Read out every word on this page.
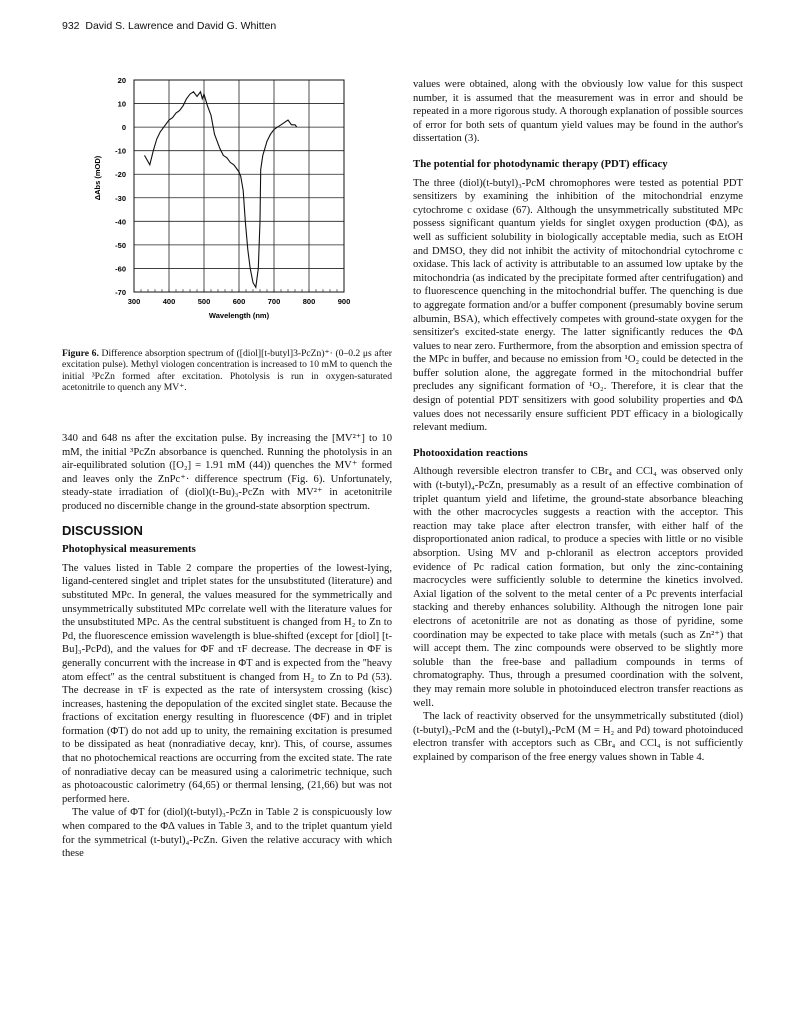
932 David S. Lawrence and David G. Whitten
20
10
0
-10
-20
-30
-40
-50
-60
-70
300	400	500	600	700	800	900
Wavelength (nm)
ΔAbs (mOD)
Figure 6. Difference absorption spectrum of ([diol][t-butyl]3-PcZn)⁺· (0–0.2 μs after excitation pulse). Methyl viologen concentration is increased to 10 mM to quench the initial ³PcZn formed after excitation. Photolysis is run in oxygen-saturated acetonitrile to quench any MV⁺.

340 and 648 ns after the excitation pulse. By increasing the [MV²⁺] to 10 mM, the initial ³PcZn absorbance is quenched. Running the photolysis in an air-equilibrated solution ([O₂] = 1.91 mM (44)) quenches the MV⁺ formed and leaves only the ZnPc⁺· difference spectrum (Fig. 6). Unfortunately, steady-state irradiation of (diol)(t-Bu)₃-PcZn with MV²⁺ in acetonitrile produced no discernible change in the ground-state absorption spectrum.

DISCUSSION
Photophysical measurements

The values listed in Table 2 compare the properties of the lowest-lying, ligand-centered singlet and triplet states for the unsubstituted (literature) and substituted MPc. In general, the values measured for the symmetrically and unsymmetrically substituted MPc correlate well with the literature values for the unsubstituted MPc. As the central substituent is changed from H₂ to Zn to Pd, the fluorescence emission wavelength is blue-shifted (except for [diol] [t-Bu]₃-PcPd), and the values for ΦF and τF decrease. The decrease in ΦF is generally concurrent with the increase in ΦT and is expected from the ''heavy atom effect'' as the central substituent is changed from H₂ to Zn to Pd (53). The decrease in τF is expected as the rate of intersystem crossing (kisc) increases, hastening the depopulation of the excited singlet state. Because the fractions of excitation energy resulting in fluorescence (ΦF) and in triplet formation (ΦT) do not add up to unity, the remaining excitation is presumed to be dissipated as heat (nonradiative decay, knr). This, of course, assumes that no photochemical reactions are occurring from the excited state. The rate of nonradiative decay can be measured using a calorimetric technique, such as photoacoustic calorimetry (64,65) or thermal lensing, (21,66) but was not performed here.

The value of ΦT for (diol)(t-butyl)₃-PcZn in Table 2 is conspicuously low when compared to the ΦΔ values in Table 3, and to the triplet quantum yield for the symmetrical (t-butyl)₄-PcZn. Given the relative accuracy with which these

values were obtained, along with the obviously low value for this suspect number, it is assumed that the measurement was in error and should be repeated in a more rigorous study. A thorough explanation of possible sources of error for both sets of quantum yield values may be found in the author's dissertation (3).

The potential for photodynamic therapy (PDT) efficacy

The three (diol)(t-butyl)₃-PcM chromophores were tested as potential PDT sensitizers by examining the inhibition of the mitochondrial enzyme cytochrome c oxidase (67). Although the unsymmetrically substituted MPc possess significant quantum yields for singlet oxygen production (ΦΔ), as well as sufficient solubility in biologically acceptable media, such as EtOH and DMSO, they did not inhibit the activity of mitochondrial cytochrome c oxidase. This lack of activity is attributable to an assumed low uptake by the mitochondria (as indicated by the precipitate formed after centrifugation) and to fluorescence quenching in the mitochondrial buffer. The quenching is due to aggregate formation and/or a buffer component (presumably bovine serum albumin, BSA), which effectively competes with ground-state oxygen for the sensitizer's excited-state energy. The latter significantly reduces the ΦΔ values to near zero. Furthermore, from the absorption and emission spectra of the MPc in buffer, and because no emission from ¹O₂ could be detected in the buffer solution alone, the aggregate formed in the mitochondrial buffer precludes any significant formation of ¹O₂. Therefore, it is clear that the design of potential PDT sensitizers with good solubility properties and ΦΔ values does not necessarily ensure sufficient PDT efficacy in a biologically relevant medium.

Photooxidation reactions

Although reversible electron transfer to CBr₄ and CCl₄ was observed only with (t-butyl)₄-PcZn, presumably as a result of an effective combination of triplet quantum yield and lifetime, the ground-state absorbance bleaching with the other macrocycles suggests a reaction with the acceptor. This reaction may take place after electron transfer, with either half of the disproportionated anion radical, to produce a species with little or no visible absorption. Using MV and p-chloranil as electron acceptors provided evidence of Pc radical cation formation, but only the zinc-containing macrocycles were sufficiently soluble to determine the kinetics involved. Axial ligation of the solvent to the metal center of a Pc prevents interfacial stacking and thereby enhances solubility. Although the nitrogen lone pair electrons of acetonitrile are not as donating as those of pyridine, some coordination may be expected to take place with metals (such as Zn²⁺) that will accept them. The zinc compounds were observed to be slightly more soluble than the free-base and palladium compounds in terms of chromatography. Thus, through a presumed coordination with the solvent, they may remain more soluble in photoinduced electron transfer reactions as well.

The lack of reactivity observed for the unsymmetrically substituted (diol)(t-butyl)₃-PcM and the (t-butyl)₄-PcM (M = H₂ and Pd) toward photoinduced electron transfer with acceptors such as CBr₄ and CCl₄ is not sufficiently explained by comparison of the free energy values shown in Table 4.
